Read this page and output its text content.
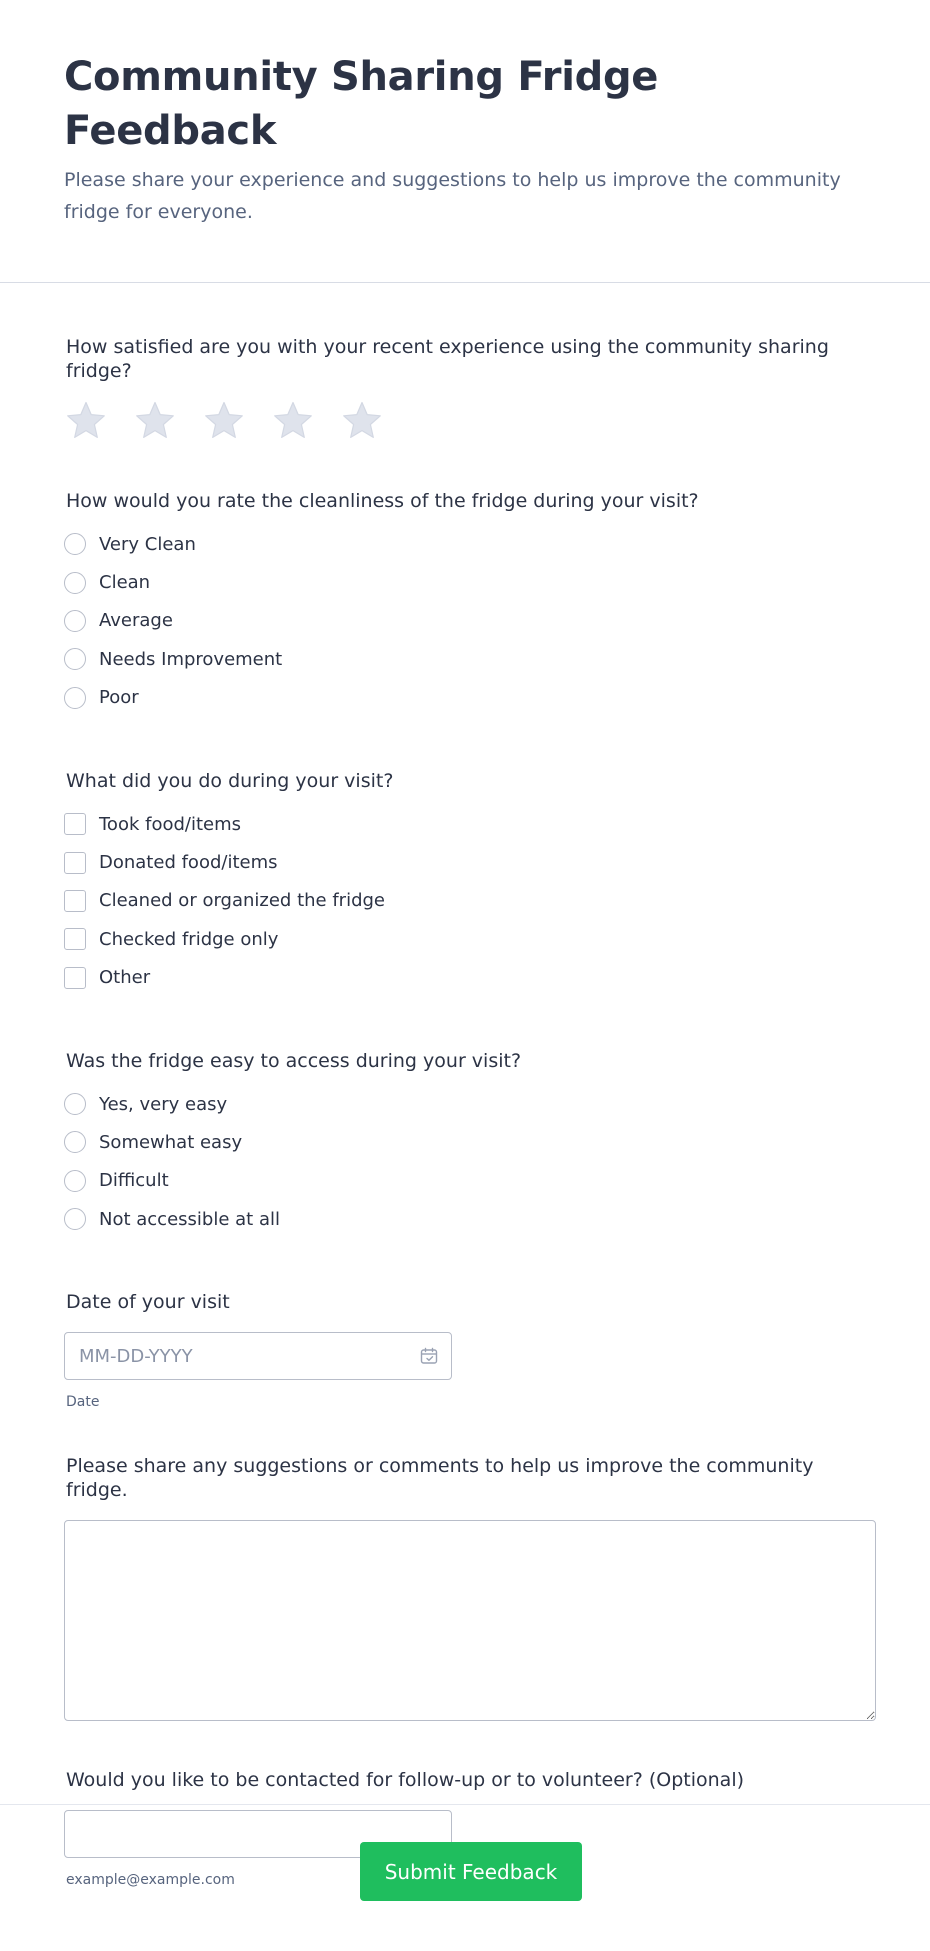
Community Sharing Fridge Feedback

Please share your experience and suggestions to help us improve the community fridge for everyone.

How satisfied are you with your recent experience using the community sharing fridge?
How would you rate the cleanliness of the fridge during your visit?
Very Clean
Clean
Average
Needs Improvement
Poor
What did you do during your visit?
Took food/items
Donated food/items
Cleaned or organized the fridge
Checked fridge only
Other
Was the fridge easy to access during your visit?
Yes, very easy
Somewhat easy
Difficult
Not accessible at all
Date of your visit
MM-DD-YYYY
Date
Please share any suggestions or comments to help us improve the community fridge.
Would you like to be contacted for follow-up or to volunteer? (Optional)
example@example.com	Submit Feedback
